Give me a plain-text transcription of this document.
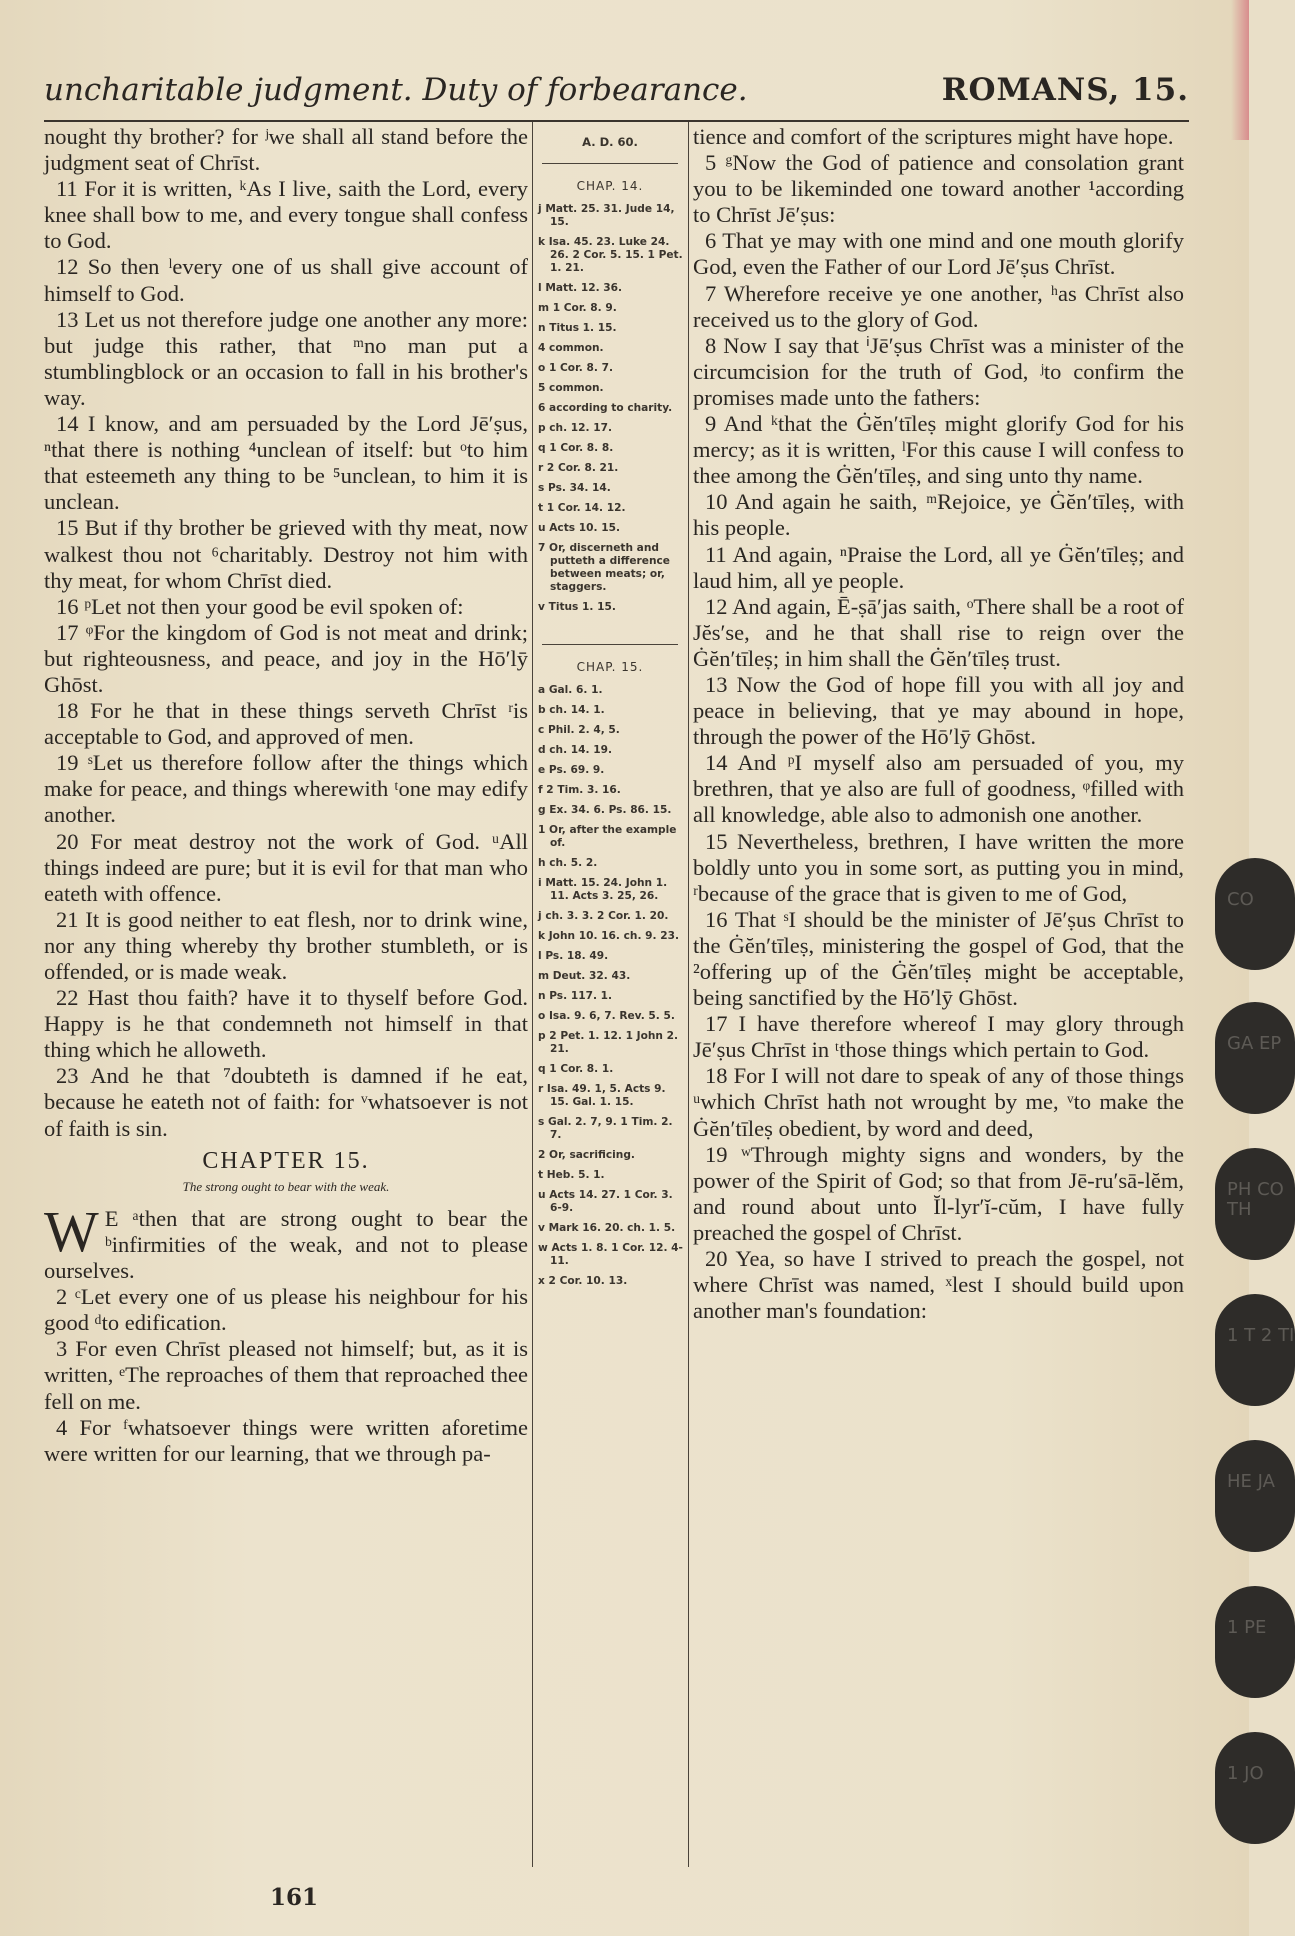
uncharitable judgment. Duty of forbearance.	ROMANS, 15.

nought thy brother? for ʲwe shall all stand before the judgment seat of Chrīst.

11 For it is written, ᵏAs I live, saith the Lord, every knee shall bow to me, and every tongue shall confess to God.

12 So then ˡevery one of us shall give account of himself to God.

13 Let us not therefore judge one another any more: but judge this rather, that ᵐno man put a stumblingblock or an occasion to fall in his brother's way.

14 I know, and am persuaded by the Lord Jē′ṣus, ⁿthat there is nothing ⁴unclean of itself: but ᵒto him that esteemeth any thing to be ⁵unclean, to him it is unclean.

15 But if thy brother be grieved with thy meat, now walkest thou not ⁶charitably. Destroy not him with thy meat, for whom Chrīst died.

16 ᵖLet not then your good be evil spoken of:

17 ᵠFor the kingdom of God is not meat and drink; but righteousness, and peace, and joy in the Hō′lȳ Ghōst.

18 For he that in these things serveth Chrīst ʳis acceptable to God, and approved of men.

19 ˢLet us therefore follow after the things which make for peace, and things wherewith ᵗone may edify another.

20 For meat destroy not the work of God. ᵘAll things indeed are pure; but it is evil for that man who eateth with offence.

21 It is good neither to eat flesh, nor to drink wine, nor any thing whereby thy brother stumbleth, or is offended, or is made weak.

22 Hast thou faith? have it to thyself before God. Happy is he that condemneth not himself in that thing which he alloweth.

23 And he that ⁷doubteth is damned if he eat, because he eateth not of faith: for ᵛwhatsoever is not of faith is sin.

CHAPTER 15.
The strong ought to bear with the weak.

W E ᵃthen that are strong ought to bear the ᵇinfirmities of the weak, and not to please ourselves.

2 ᶜLet every one of us please his neighbour for his good ᵈto edification.

3 For even Chrīst pleased not himself; but, as it is written, ᵉThe reproaches of them that reproached thee fell on me.

4 For ᶠwhatsoever things were written aforetime were written for our learning, that we through pa-

A. D. 60.
CHAP. 14.
j Matt. 25. 31. Jude 14, 15.
k Isa. 45. 23. Luke 24. 26. 2 Cor. 5. 15. 1 Pet. 1. 21.
l Matt. 12. 36.
m 1 Cor. 8. 9.
n Titus 1. 15.
4 common.
o 1 Cor. 8. 7.
5 common.
6 according to charity.
p ch. 12. 17.
q 1 Cor. 8. 8.
r 2 Cor. 8. 21.
s Ps. 34. 14.
t 1 Cor. 14. 12.
u Acts 10. 15.
7 Or, discerneth and putteth a difference between meats; or, staggers.
v Titus 1. 15.
CHAP. 15.
a Gal. 6. 1.
b ch. 14. 1.
c Phil. 2. 4, 5.
d ch. 14. 19.
e Ps. 69. 9.
f 2 Tim. 3. 16.
g Ex. 34. 6. Ps. 86. 15.
1 Or, after the example of.
h ch. 5. 2.
i Matt. 15. 24. John 1. 11. Acts 3. 25, 26.
j ch. 3. 3. 2 Cor. 1. 20.
k John 10. 16. ch. 9. 23.
l Ps. 18. 49.
m Deut. 32. 43.
n Ps. 117. 1.
o Isa. 9. 6, 7. Rev. 5. 5.
p 2 Pet. 1. 12. 1 John 2. 21.
q 1 Cor. 8. 1.
r Isa. 49. 1, 5. Acts 9. 15. Gal. 1. 15.
s Gal. 2. 7, 9. 1 Tim. 2. 7.
2 Or, sacrificing.
t Heb. 5. 1.
u Acts 14. 27. 1 Cor. 3. 6-9.
v Mark 16. 20. ch. 1. 5.
w Acts 1. 8. 1 Cor. 12. 4-11.
x 2 Cor. 10. 13.

tience and comfort of the scriptures might have hope.

5 ᵍNow the God of patience and consolation grant you to be likeminded one toward another ¹according to Chrīst Jē′ṣus:

6 That ye may with one mind and one mouth glorify God, even the Father of our Lord Jē′ṣus Chrīst.

7 Wherefore receive ye one another, ʰas Chrīst also received us to the glory of God.

8 Now I say that ⁱJē′ṣus Chrīst was a minister of the circumcision for the truth of God, ʲto confirm the promises made unto the fathers:

9 And ᵏthat the Ġĕn′tīleṣ might glorify God for his mercy; as it is written, ˡFor this cause I will confess to thee among the Ġĕn′tīleṣ, and sing unto thy name.

10 And again he saith, ᵐRejoice, ye Ġĕn′tīleṣ, with his people.

11 And again, ⁿPraise the Lord, all ye Ġĕn′tīleṣ; and laud him, all ye people.

12 And again, Ē-ṣā′jas saith, ᵒThere shall be a root of Jĕs′se, and he that shall rise to reign over the Ġĕn′tīleṣ; in him shall the Ġĕn′tīleṣ trust.

13 Now the God of hope fill you with all joy and peace in believing, that ye may abound in hope, through the power of the Hō′lȳ Ghōst.

14 And ᵖI myself also am persuaded of you, my brethren, that ye also are full of goodness, ᵠfilled with all knowledge, able also to admonish one another.

15 Nevertheless, brethren, I have written the more boldly unto you in some sort, as putting you in mind, ʳbecause of the grace that is given to me of God,

16 That ˢI should be the minister of Jē′ṣus Chrīst to the Ġĕn′tīleṣ, ministering the gospel of God, that the ²offering up of the Ġĕn′tīleṣ might be acceptable, being sanctified by the Hō′lȳ Ghōst.

17 I have therefore whereof I may glory through Jē′ṣus Chrīst in ᵗthose things which pertain to God.

18 For I will not dare to speak of any of those things ᵘwhich Chrīst hath not wrought by me, ᵛto make the Ġĕn′tīleṣ obedient, by word and deed,

19 ʷThrough mighty signs and wonders, by the power of the Spirit of God; so that from Jē-ru′sā-lĕm, and round about unto Ĭl-lyr′ĭ-cŭm, I have fully preached the gospel of Chrīst.

20 Yea, so have I strived to preach the gospel, not where Chrīst was named, ˣlest I should build upon another man's foundation:

161
CO
GA EP
PH CO TH
1 T 2 TI
HE JA
1 PE
1 JO
